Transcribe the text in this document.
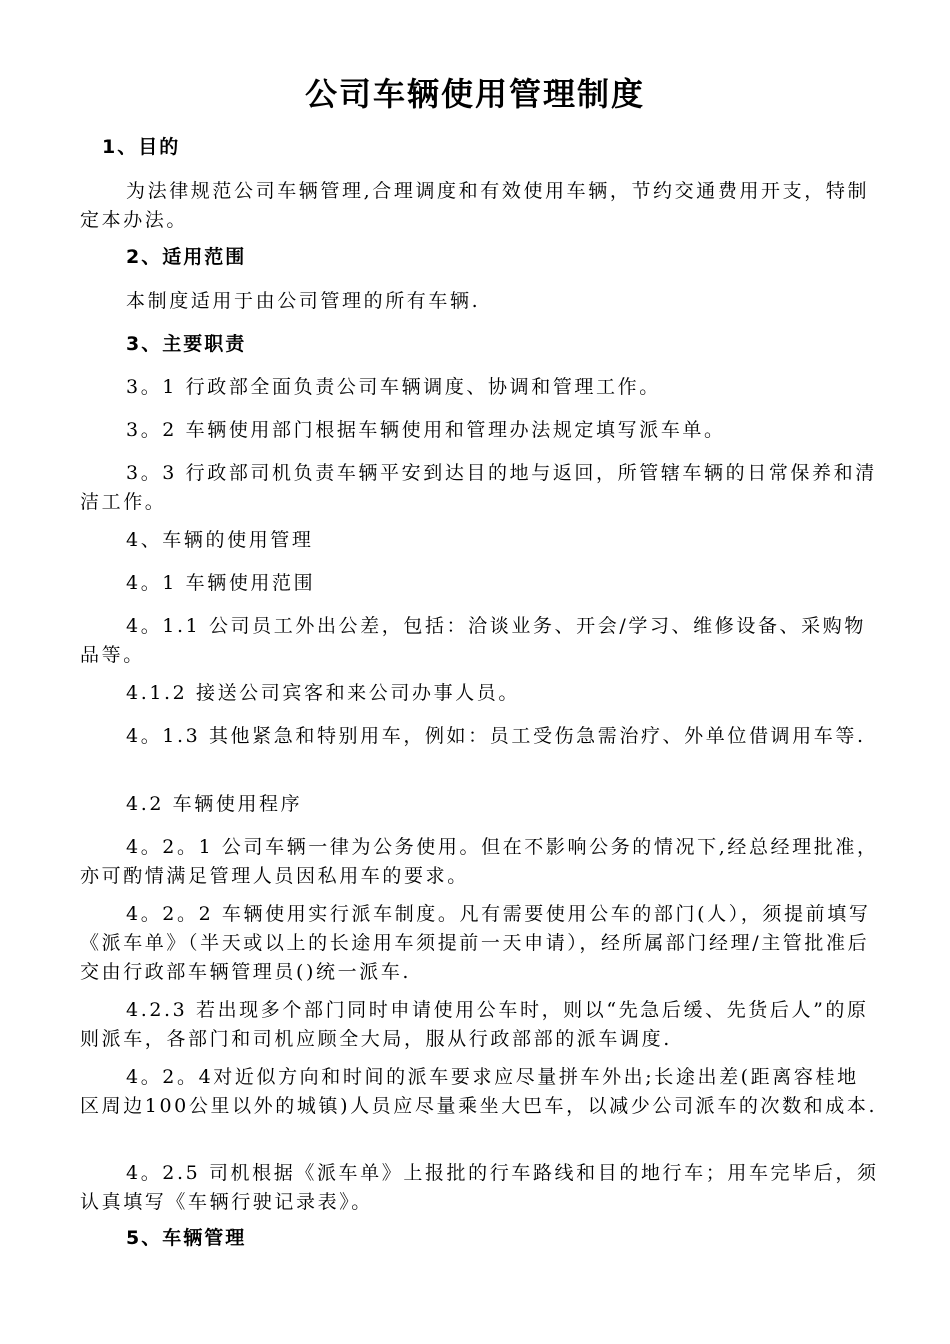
公司车辆使用管理制度
1、目的
为法律规范公司车辆管理,合理调度和有效使用车辆，节约交通费用开支，特制定本办法。
2、适用范围
本制度适用于由公司管理的所有车辆.
3、主要职责
3。1 行政部全面负责公司车辆调度、协调和管理工作。
3。2 车辆使用部门根据车辆使用和管理办法规定填写派车单。
3。3 行政部司机负责车辆平安到达目的地与返回，所管辖车辆的日常保养和清洁工作。
4、车辆的使用管理
4。1 车辆使用范围
4。1.1 公司员工外出公差，包括：洽谈业务、开会/学习、维修设备、采购物品等。
4.1.2 接送公司宾客和来公司办事人员。
4。1.3 其他紧急和特别用车，例如：员工受伤急需治疗、外单位借调用车等.
4.2 车辆使用程序
4。2。1 公司车辆一律为公务使用。但在不影响公务的情况下,经总经理批准，亦可酌情满足管理人员因私用车的要求。
4。2。2 车辆使用实行派车制度。凡有需要使用公车的部门(人），须提前填写《派车单》（半天或以上的长途用车须提前一天申请），经所属部门经理/主管批准后交由行政部车辆管理员()统一派车.
4.2.3 若出现多个部门同时申请使用公车时，则以“先急后缓、先货后人”的原则派车，各部门和司机应顾全大局，服从行政部部的派车调度.
4。2。4对近似方向和时间的派车要求应尽量拼车外出;长途出差(距离容桂地区周边100公里以外的城镇)人员应尽量乘坐大巴车，以减少公司派车的次数和成本.
4。2.5 司机根据《派车单》上报批的行车路线和目的地行车；用车完毕后，须认真填写《车辆行驶记录表》。
5、车辆管理
